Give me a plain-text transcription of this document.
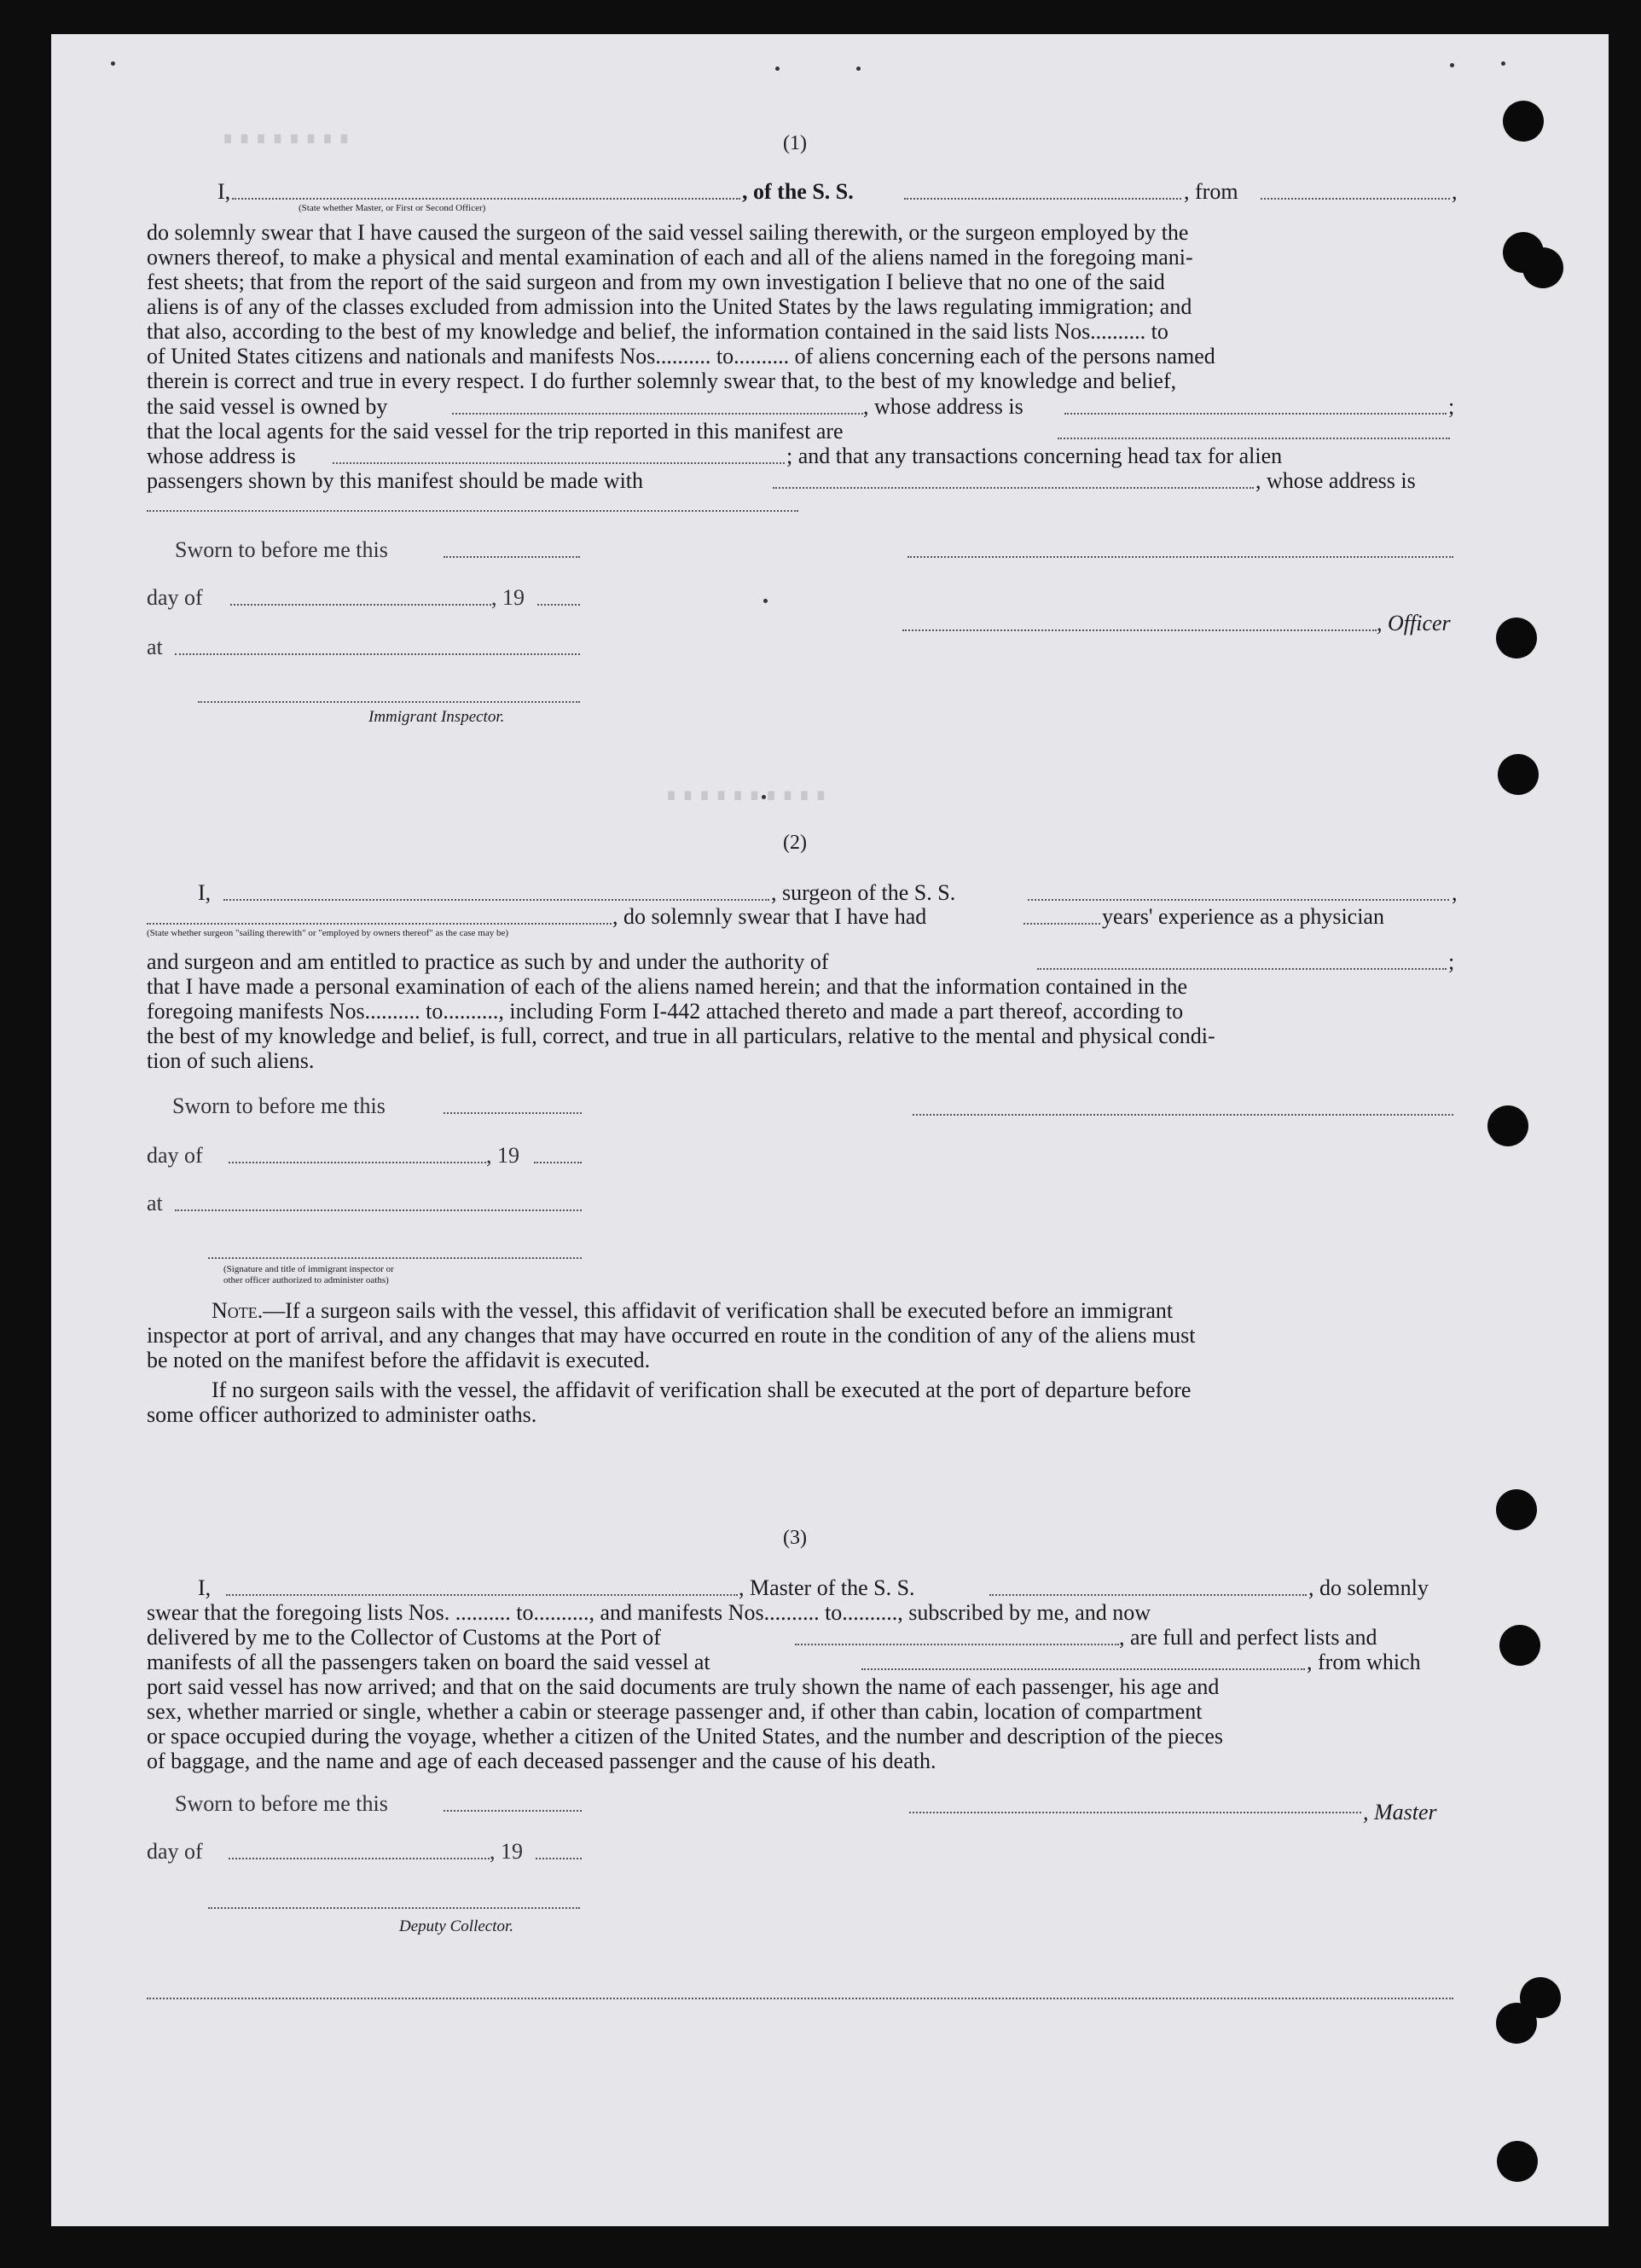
∎ ∎ ∎ ∎ ∎ ∎ ∎ ∎
∎ ∎ ∎ ∎ ∎ ∎ ∎ ∎ ∎ ∎
(1)
I,	, of the S. S.	, from	,
(State whether Master, or First or Second Officer)
do solemnly swear that I have caused the surgeon of the said vessel sailing therewith, or the surgeon employed by the
owners thereof, to make a physical and mental examination of each and all of the aliens named in the foregoing mani-
fest sheets; that from the report of the said surgeon and from my own investigation I believe that no one of the said
aliens is of any of the classes excluded from admission into the United States by the laws regulating immigration; and
that also, according to the best of my knowledge and belief, the information contained in the said lists Nos.......... to
of United States citizens and nationals and manifests Nos.......... to.......... of aliens concerning each of the persons named
therein is correct and true in every respect. I do further solemnly swear that, to the best of my knowledge and belief,
the said vessel is owned by	, whose address is	;
that the local agents for the said vessel for the trip reported in this manifest are
whose address is	; and that any transactions concerning head tax for alien
passengers shown by this manifest should be made with	, whose address is
Sworn to before me this
day of	, 19
, Officer
at
Immigrant Inspector.
(2)
I,	, surgeon of the S. S.	,
, do solemnly swear that I have had	years' experience as a physician
(State whether surgeon "sailing therewith" or "employed by owners thereof" as the case may be)
and surgeon and am entitled to practice as such by and under the authority of	;
that I have made a personal examination of each of the aliens named herein; and that the information contained in the
foregoing manifests Nos.......... to.........., including Form I-442 attached thereto and made a part thereof, according to
the best of my knowledge and belief, is full, correct, and true in all particulars, relative to the mental and physical condi-
tion of such aliens.
Sworn to before me this
day of	, 19
at
(Signature and title of immigrant inspector or
other officer authorized to administer oaths)
Note.—If a surgeon sails with the vessel, this affidavit of verification shall be executed before an immigrant
inspector at port of arrival, and any changes that may have occurred en route in the condition of any of the aliens must
be noted on the manifest before the affidavit is executed.
If no surgeon sails with the vessel, the affidavit of verification shall be executed at the port of departure before
some officer authorized to administer oaths.
(3)
I,	, Master of the S. S.	, do solemnly
swear that the foregoing lists Nos. .......... to.........., and manifests Nos.......... to.........., subscribed by me, and now
delivered by me to the Collector of Customs at the Port of	, are full and perfect lists and
manifests of all the passengers taken on board the said vessel at	, from which
port said vessel has now arrived; and that on the said documents are truly shown the name of each passenger, his age and
sex, whether married or single, whether a cabin or steerage passenger and, if other than cabin, location of compartment
or space occupied during the voyage, whether a citizen of the United States, and the number and description of the pieces
of baggage, and the name and age of each deceased passenger and the cause of his death.
Sworn to before me this	, Master
day of	, 19
Deputy Collector.
